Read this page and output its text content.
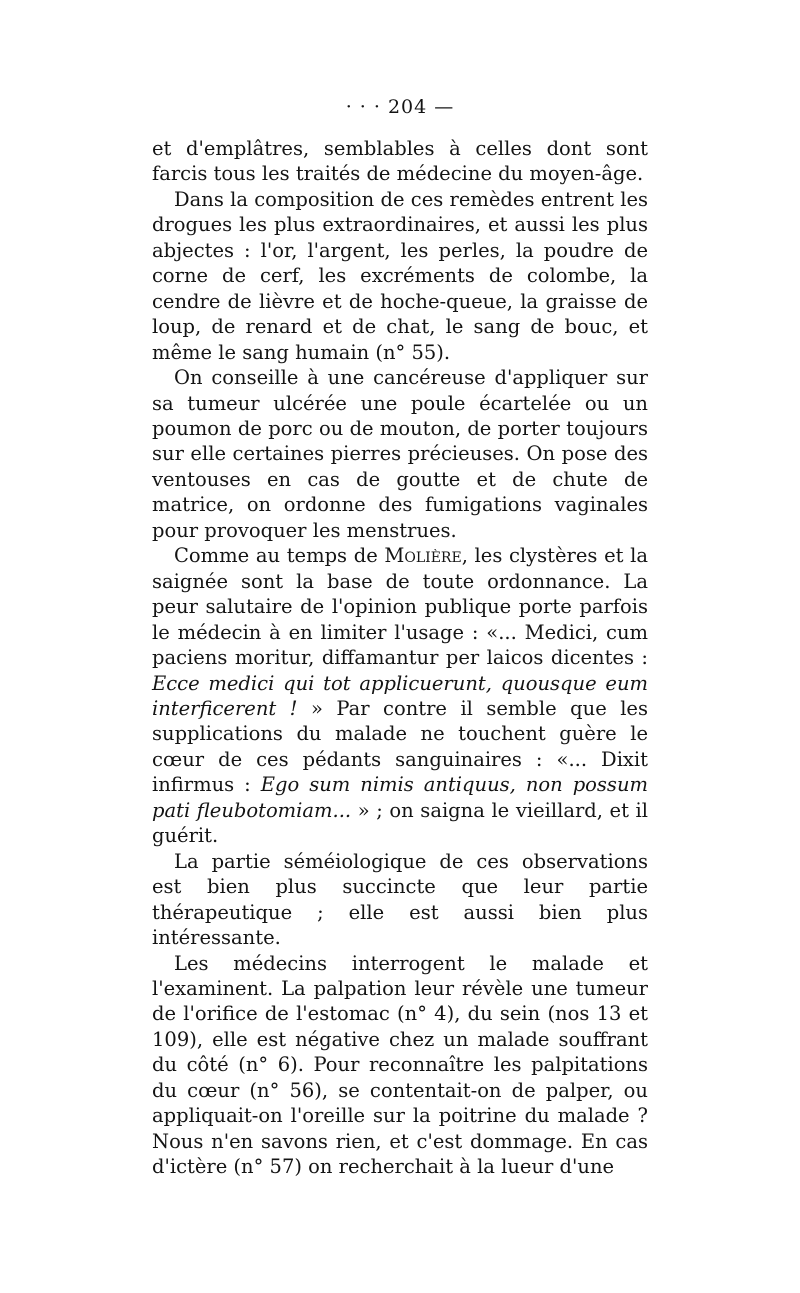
· · · 204 —

et d'emplâtres, semblables à celles dont sont farcis tous les traités de médecine du moyen-âge.

Dans la composition de ces remèdes entrent les drogues les plus extraordinaires, et aussi les plus abjectes : l'or, l'argent, les perles, la poudre de corne de cerf, les excréments de colombe, la cendre de lièvre et de hoche-queue, la graisse de loup, de renard et de chat, le sang de bouc, et même le sang humain (n° 55).

On conseille à une cancéreuse d'appliquer sur sa tumeur ulcérée une poule écartelée ou un poumon de porc ou de mouton, de porter toujours sur elle certaines pierres précieuses. On pose des ventouses en cas de goutte et de chute de matrice, on ordonne des fumigations vaginales pour provoquer les menstrues.

Comme au temps de Molière, les clystères et la saignée sont la base de toute ordonnance. La peur salutaire de l'opinion publique porte parfois le médecin à en limiter l'usage : «... Medici, cum paciens moritur, diffamantur per laicos dicentes : Ecce medici qui tot applicuerunt, quousque eum interficerent ! » Par contre il semble que les supplications du malade ne touchent guère le cœur de ces pédants sanguinaires : «... Dixit infirmus : Ego sum nimis antiquus, non possum pati fleubotomiam... » ; on saigna le vieillard, et il guérit.

La partie séméiologique de ces observations est bien plus succincte que leur partie thérapeutique ; elle est aussi bien plus intéressante.

Les médecins interrogent le malade et l'examinent. La palpation leur révèle une tumeur de l'orifice de l'estomac (n° 4), du sein (nos 13 et 109), elle est négative chez un malade souffrant du côté (n° 6). Pour reconnaître les palpitations du cœur (n° 56), se contentait-on de palper, ou appliquait-on l'oreille sur la poitrine du malade ? Nous n'en savons rien, et c'est dommage. En cas d'ictère (n° 57) on recherchait à la lueur d'une
